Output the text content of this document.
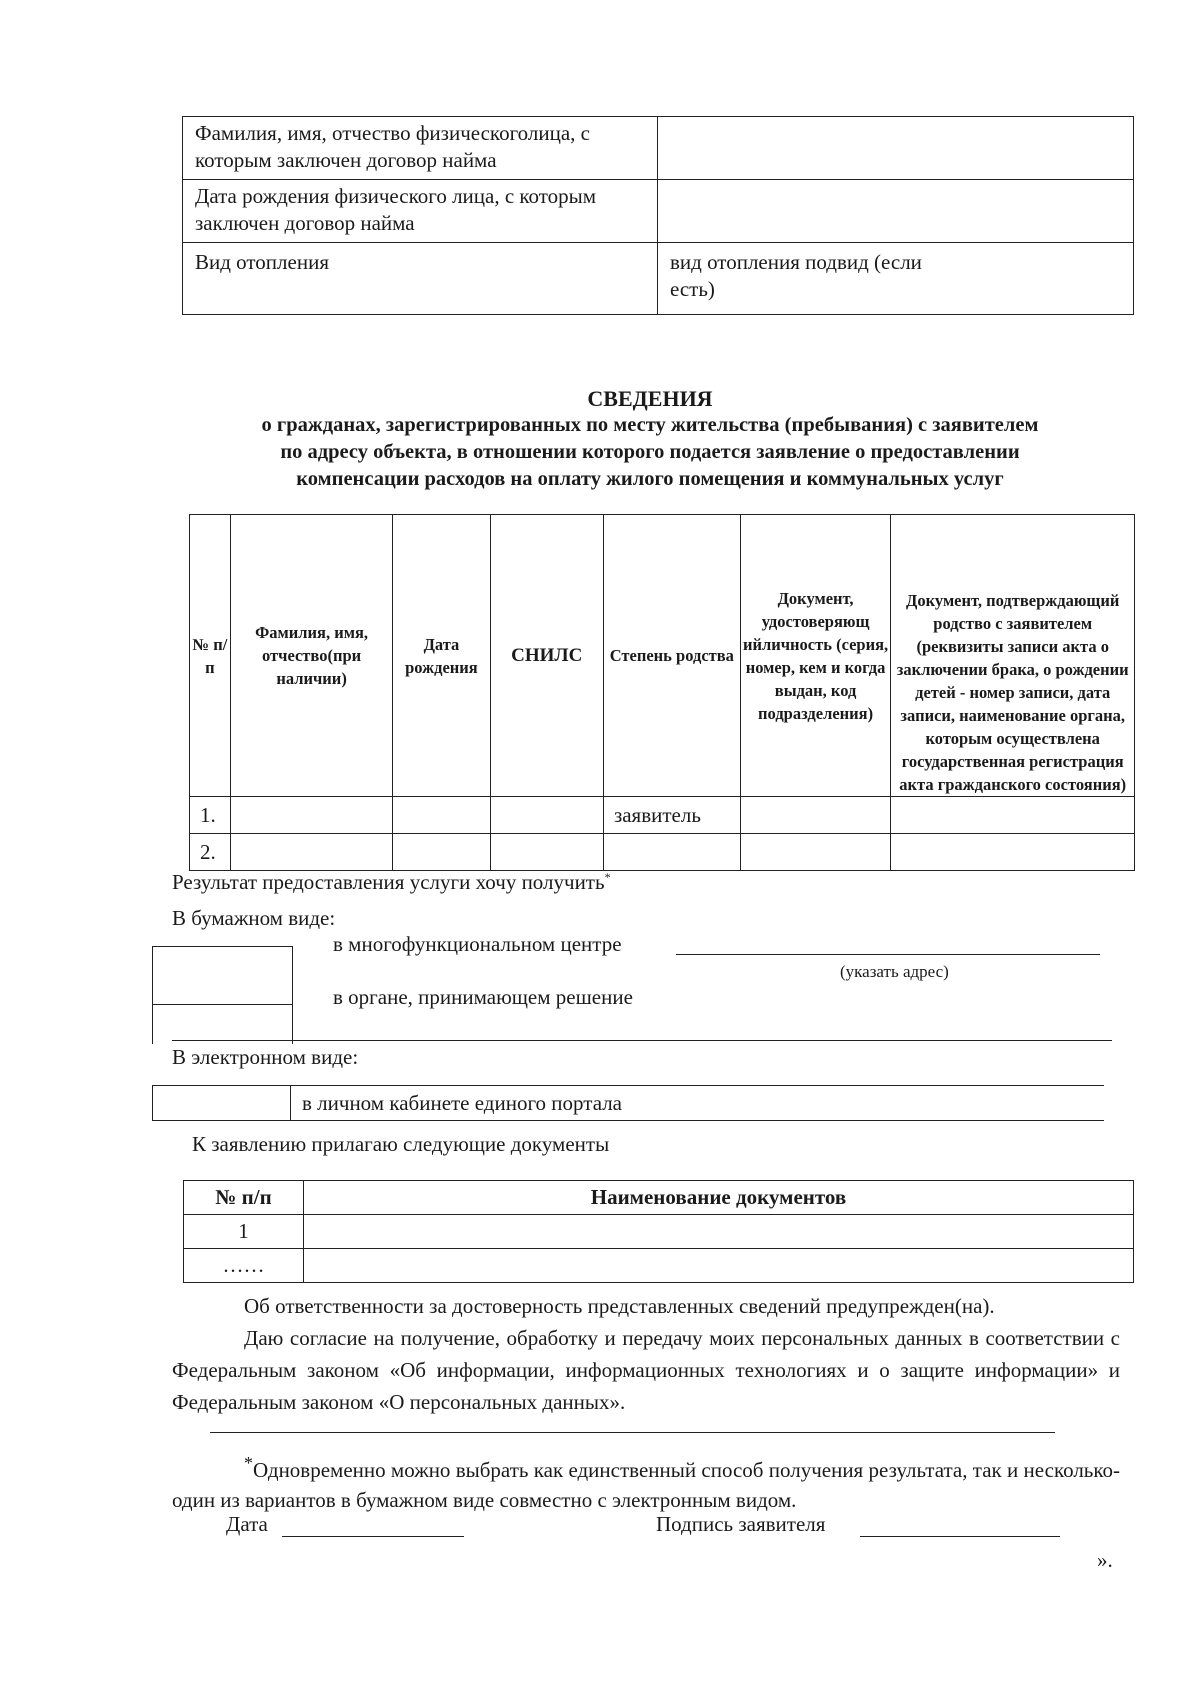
Фамилия, имя, отчество физическоголица, с которым заключен договор найма	
Дата рождения физического лица, с которым заключен договор найма	
Вид отопления	вид отопления подвид (если есть)
СВЕДЕНИЯ
о гражданах, зарегистрированных по месту жительства (пребывания) с заявителем
по адресу объекта, в отношении которого подается заявление о предоставлении
компенсации расходов на оплату жилого помещения и коммунальных услуг
№ п/п	Фамилия, имя, отчество(при наличии)	Дата рождения	СНИЛС	Степень родства	Документ, удостоверяющ ийличность (серия, номер, кем и когда выдан, код подразделения)	Документ, подтверждающий родство с заявителем (реквизиты записи акта о заключении брака, о рождении детей - номер записи, дата записи, наименование органа, которым осуществлена государственная регистрация акта гражданского состояния)
1.				заявитель		
2.						
Результат предоставления услуги хочу получить*
В бумажном виде:
в многофункциональном центре
(указать адрес)
в органе, принимающем решение
В электронном виде:
в личном кабинете единого портала
К заявлению прилагаю следующие документы
№ п/п	Наименование документов
1	
……	
Об ответственности за достоверность представленных сведений предупрежден(на).
Даю согласие на получение, обработку и передачу моих персональных данных в соответствии с Федеральным законом «Об информации, информационных технологиях и о защите информации» и Федеральным законом «О персональных данных».
*Одновременно можно выбрать как единственный способ получения результата, так и несколько-один из вариантов в бумажном виде совместно с электронным видом.
Дата	Подпись заявителя
».
